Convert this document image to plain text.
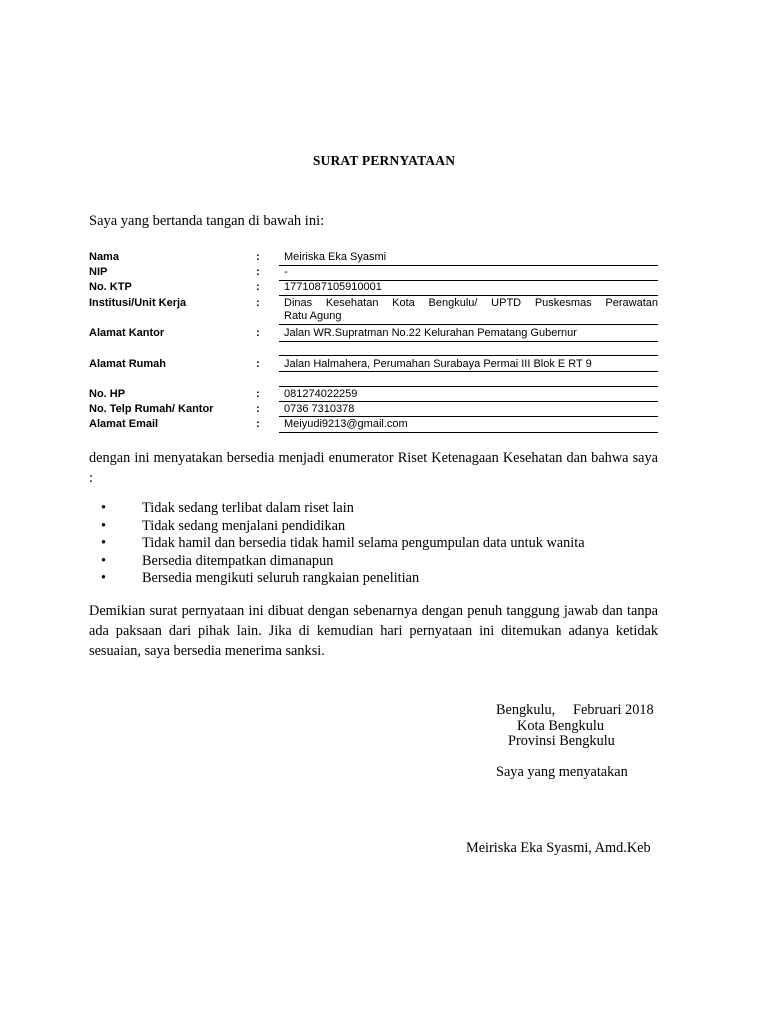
SURAT PERNYATAAN
Saya yang bertanda tangan di bawah ini:
Nama	: Meiriska Eka Syasmi
NIP	: -
No. KTP	: 1771087105910001
Institusi/Unit Kerja	: Dinas Kesehatan Kota Bengkulu/ UPTD Puskesmas Perawatan
Ratu Agung
Alamat Kantor	: Jalan WR.Supratman No.22 Kelurahan Pematang Gubernur
Alamat Rumah	: Jalan Halmahera, Perumahan Surabaya Permai III Blok E RT 9
No. HP	: 081274022259
No. Telp Rumah/ Kantor	: 0736 7310378
Alamat Email	: Meiyudi9213@gmail.com
dengan ini menyatakan bersedia menjadi enumerator Riset Ketenagaan Kesehatan dan bahwa saya :
•	Tidak sedang terlibat dalam riset lain
•	Tidak sedang menjalani pendidikan
•	Tidak hamil dan bersedia tidak hamil selama pengumpulan data untuk wanita
•	Bersedia ditempatkan dimanapun
•	Bersedia mengikuti seluruh rangkaian penelitian
Demikian surat pernyataan ini dibuat dengan sebenarnya dengan penuh tanggung jawab dan tanpa ada paksaan dari pihak lain. Jika di kemudian hari pernyataan ini ditemukan adanya ketidak sesuaian, saya bersedia menerima sanksi.
Bengkulu,     Februari 2018
Kota Bengkulu
Provinsi Bengkulu
Saya yang menyatakan
Meiriska Eka Syasmi, Amd.Keb
